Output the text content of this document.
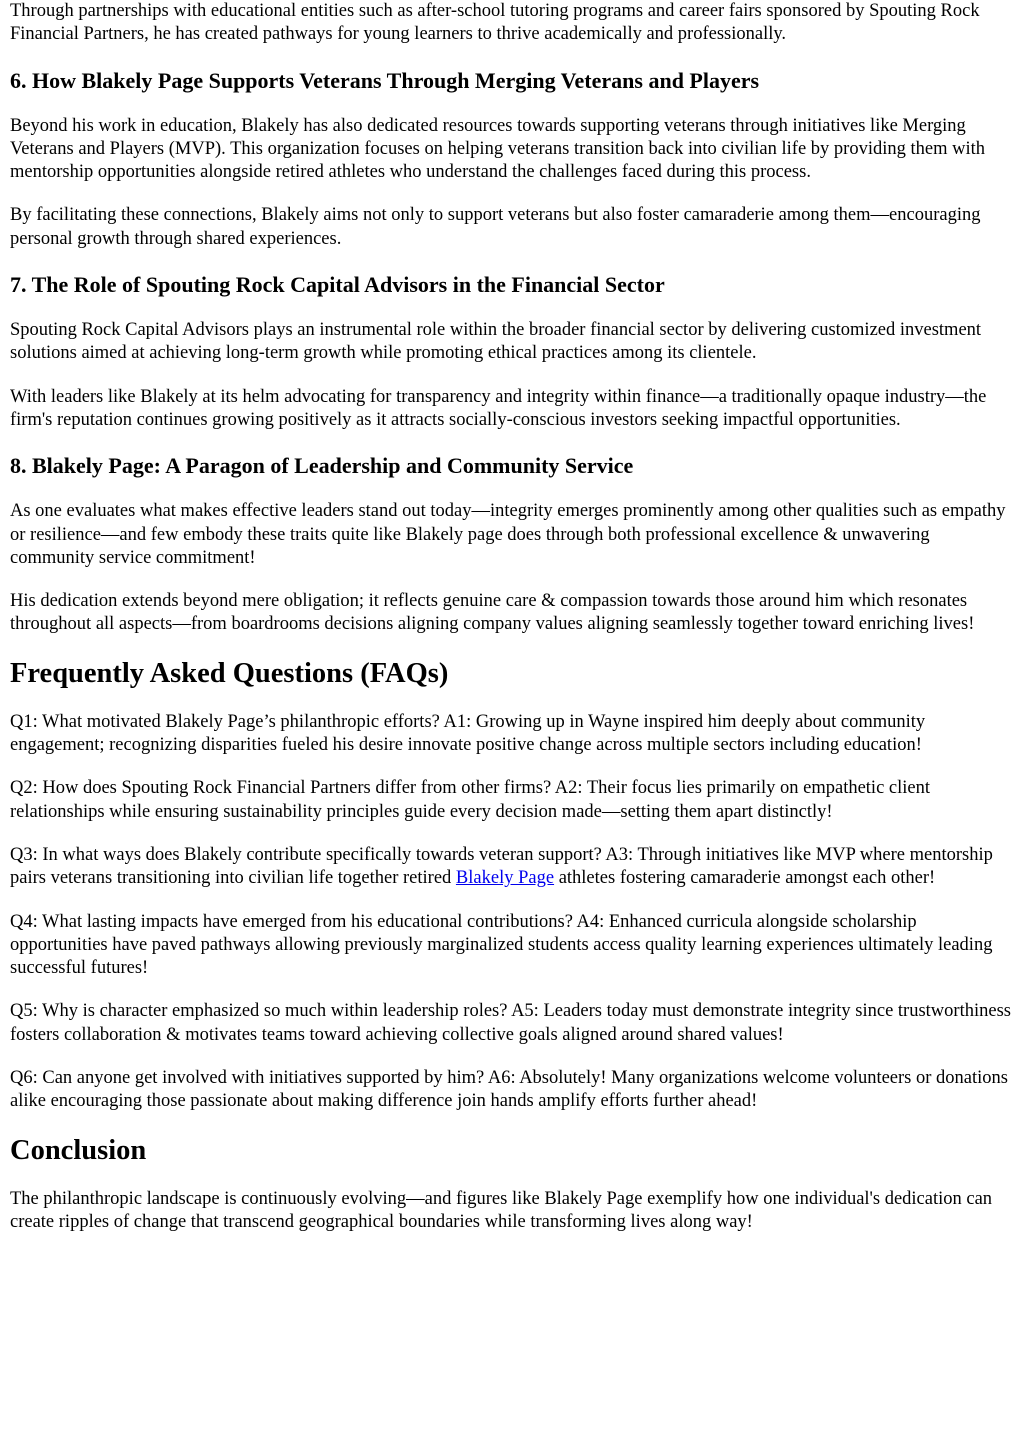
Through partnerships with educational entities such as after-school tutoring programs and career fairs sponsored by Spouting Rock Financial Partners, he has created pathways for young learners to thrive academically and professionally.

6. How Blakely Page Supports Veterans Through Merging Veterans and Players

Beyond his work in education, Blakely has also dedicated resources towards supporting veterans through initiatives like Merging Veterans and Players (MVP). This organization focuses on helping veterans transition back into civilian life by providing them with mentorship opportunities alongside retired athletes who understand the challenges faced during this process.

By facilitating these connections, Blakely aims not only to support veterans but also foster camaraderie among them—encouraging personal growth through shared experiences.

7. The Role of Spouting Rock Capital Advisors in the Financial Sector

Spouting Rock Capital Advisors plays an instrumental role within the broader financial sector by delivering customized investment solutions aimed at achieving long-term growth while promoting ethical practices among its clientele.

With leaders like Blakely at its helm advocating for transparency and integrity within finance—a traditionally opaque industry—the firm's reputation continues growing positively as it attracts socially-conscious investors seeking impactful opportunities.

8. Blakely Page: A Paragon of Leadership and Community Service

As one evaluates what makes effective leaders stand out today—integrity emerges prominently among other qualities such as empathy or resilience—and few embody these traits quite like Blakely page does through both professional excellence & unwavering community service commitment!

His dedication extends beyond mere obligation; it reflects genuine care & compassion towards those around him which resonates throughout all aspects—from boardrooms decisions aligning company values aligning seamlessly together toward enriching lives!

Frequently Asked Questions (FAQs)

Q1: What motivated Blakely Page’s philanthropic efforts? A1: Growing up in Wayne inspired him deeply about community engagement; recognizing disparities fueled his desire innovate positive change across multiple sectors including education!

Q2: How does Spouting Rock Financial Partners differ from other firms? A2: Their focus lies primarily on empathetic client relationships while ensuring sustainability principles guide every decision made—setting them apart distinctly!

Q3: In what ways does Blakely contribute specifically towards veteran support? A3: Through initiatives like MVP where mentorship pairs veterans transitioning into civilian life together retired Blakely Page athletes fostering camaraderie amongst each other!

Q4: What lasting impacts have emerged from his educational contributions? A4: Enhanced curricula alongside scholarship opportunities have paved pathways allowing previously marginalized students access quality learning experiences ultimately leading successful futures!

Q5: Why is character emphasized so much within leadership roles? A5: Leaders today must demonstrate integrity since trustworthiness fosters collaboration & motivates teams toward achieving collective goals aligned around shared values!

Q6: Can anyone get involved with initiatives supported by him? A6: Absolutely! Many organizations welcome volunteers or donations alike encouraging those passionate about making difference join hands amplify efforts further ahead!

Conclusion

The philanthropic landscape is continuously evolving—and figures like Blakely Page exemplify how one individual's dedication can create ripples of change that transcend geographical boundaries while transforming lives along way!
